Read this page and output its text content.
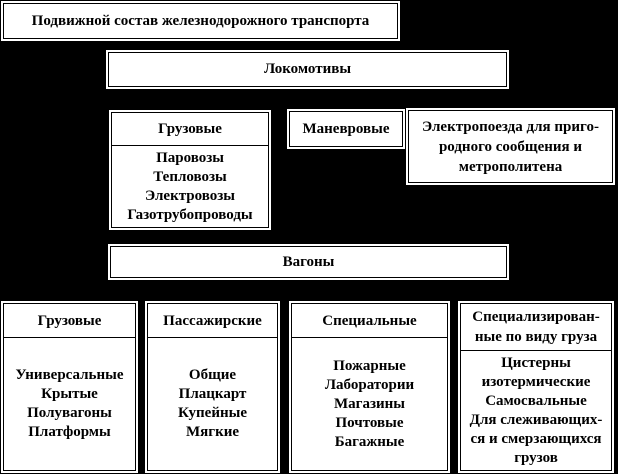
Подвижной состав железнодорожного транспорта
Локомотивы
Грузовые
Паровозы
Тепловозы
Электровозы
Газотрубопроводы
Маневровые Электропоезда для приго-
родного сообщения и
метрополитена
Вагоны
Грузовые
Универсальные
Крытые
Полувагоны
Платформы
Пассажирские
Общие
Плацкарт
Купейные
Мягкие
Специальные
Пожарные
Лаборатории
Магазины
Почтовые
Багажные
Специализирован-
ные по виду груза
Цистерны
изотермические
Самосвальные
Для слеживающих-
ся и смерзающихся
грузов
